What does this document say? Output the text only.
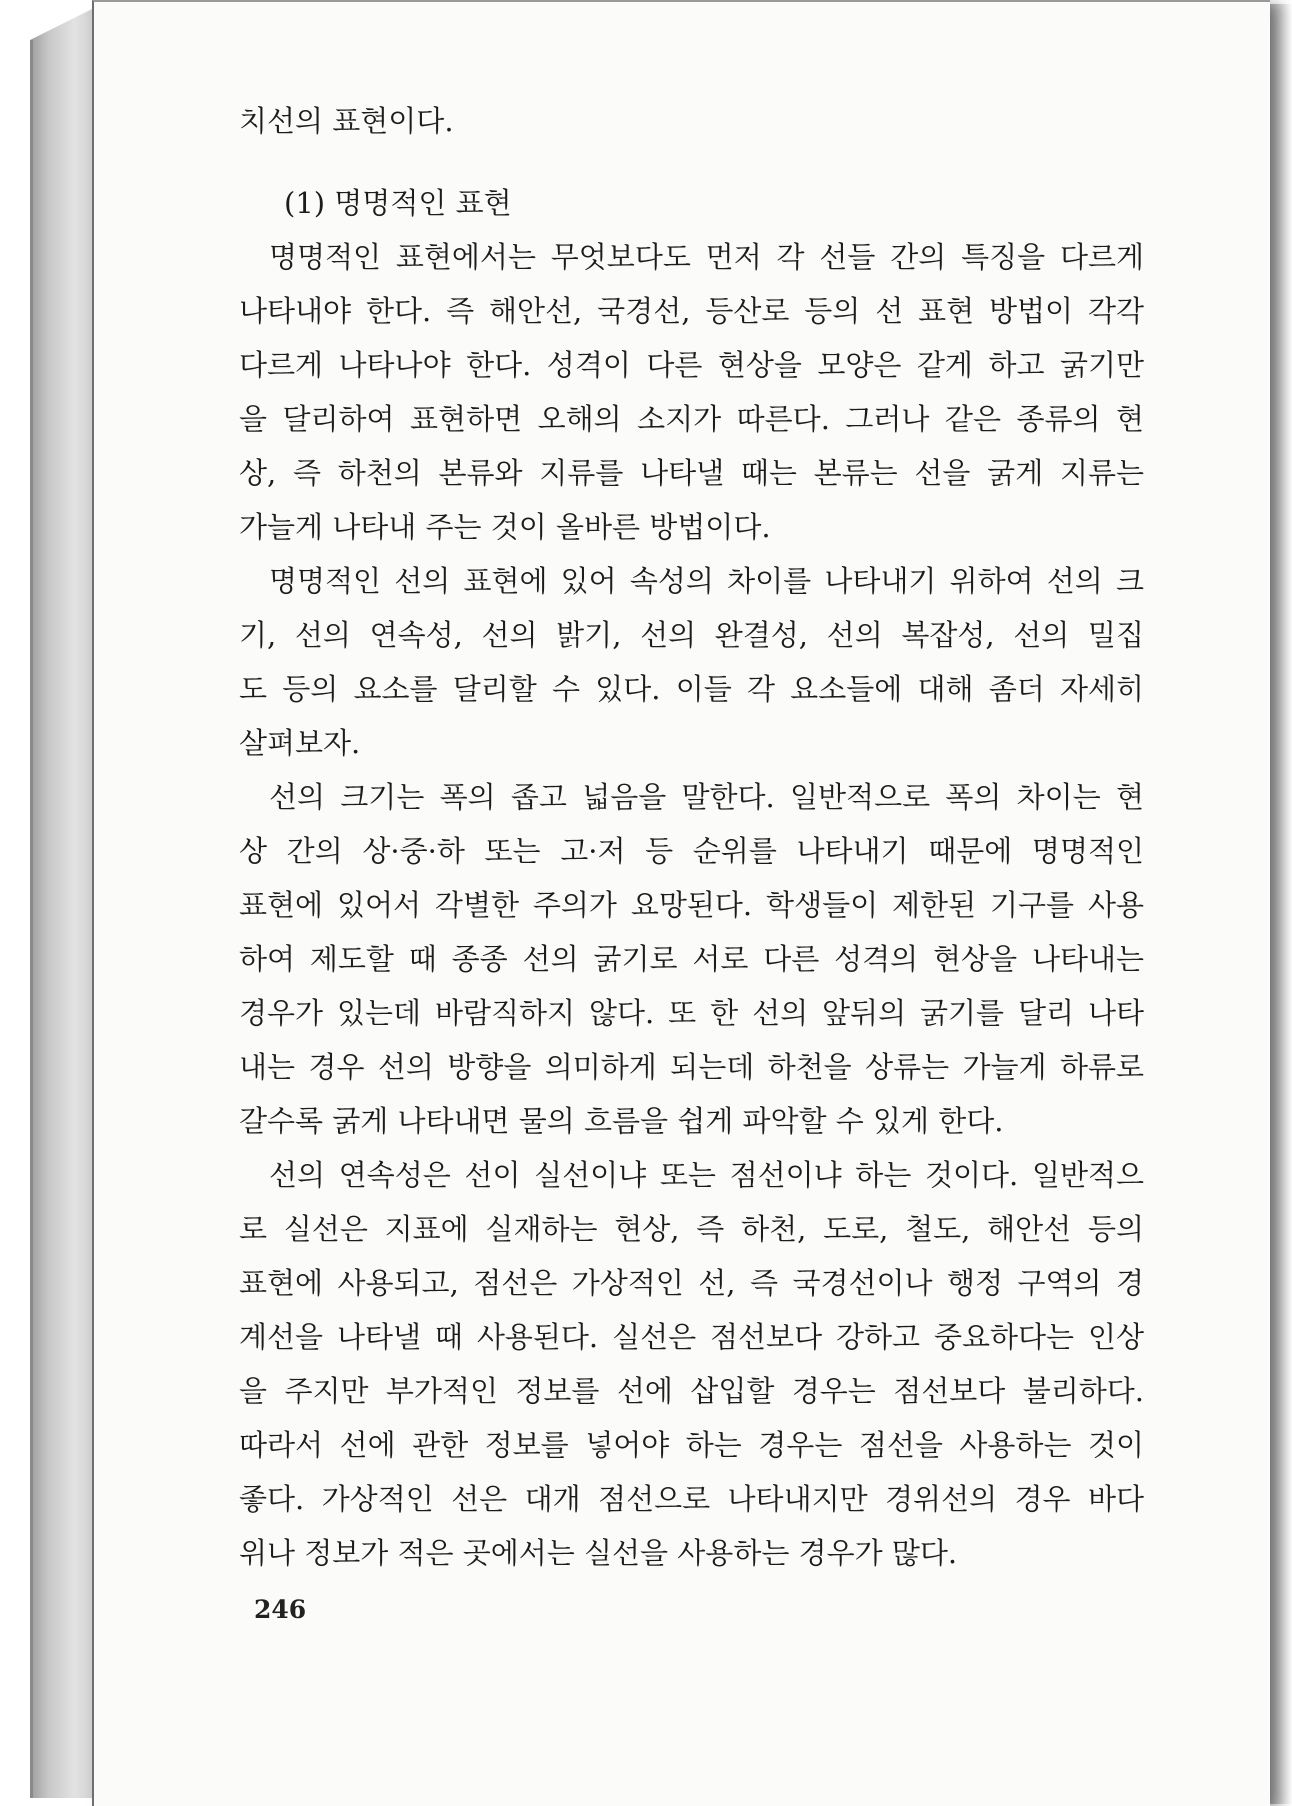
치선의 표현이다.
(1) 명명적인 표현
명명적인 표현에서는 무엇보다도 먼저 각 선들 간의 특징을 다르게
나타내야 한다. 즉 해안선, 국경선, 등산로 등의 선 표현 방법이 각각
다르게 나타나야 한다. 성격이 다른 현상을 모양은 같게 하고 굵기만
을 달리하여 표현하면 오해의 소지가 따른다. 그러나 같은 종류의 현
상, 즉 하천의 본류와 지류를 나타낼 때는 본류는 선을 굵게 지류는
가늘게 나타내 주는 것이 올바른 방법이다.
명명적인 선의 표현에 있어 속성의 차이를 나타내기 위하여 선의 크
기, 선의 연속성, 선의 밝기, 선의 완결성, 선의 복잡성, 선의 밀집
도 등의 요소를 달리할 수 있다. 이들 각 요소들에 대해 좀더 자세히
살펴보자.
선의 크기는 폭의 좁고 넓음을 말한다. 일반적으로 폭의 차이는 현
상 간의 상·중·하 또는 고·저 등 순위를 나타내기 때문에 명명적인
표현에 있어서 각별한 주의가 요망된다. 학생들이 제한된 기구를 사용
하여 제도할 때 종종 선의 굵기로 서로 다른 성격의 현상을 나타내는
경우가 있는데 바람직하지 않다. 또 한 선의 앞뒤의 굵기를 달리 나타
내는 경우 선의 방향을 의미하게 되는데 하천을 상류는 가늘게 하류로
갈수록 굵게 나타내면 물의 흐름을 쉽게 파악할 수 있게 한다.
선의 연속성은 선이 실선이냐 또는 점선이냐 하는 것이다. 일반적으
로 실선은 지표에 실재하는 현상, 즉 하천, 도로, 철도, 해안선 등의
표현에 사용되고, 점선은 가상적인 선, 즉 국경선이나 행정 구역의 경
계선을 나타낼 때 사용된다. 실선은 점선보다 강하고 중요하다는 인상
을 주지만 부가적인 정보를 선에 삽입할 경우는 점선보다 불리하다.
따라서 선에 관한 정보를 넣어야 하는 경우는 점선을 사용하는 것이
좋다. 가상적인 선은 대개 점선으로 나타내지만 경위선의 경우 바다
위나 정보가 적은 곳에서는 실선을 사용하는 경우가 많다.
246
